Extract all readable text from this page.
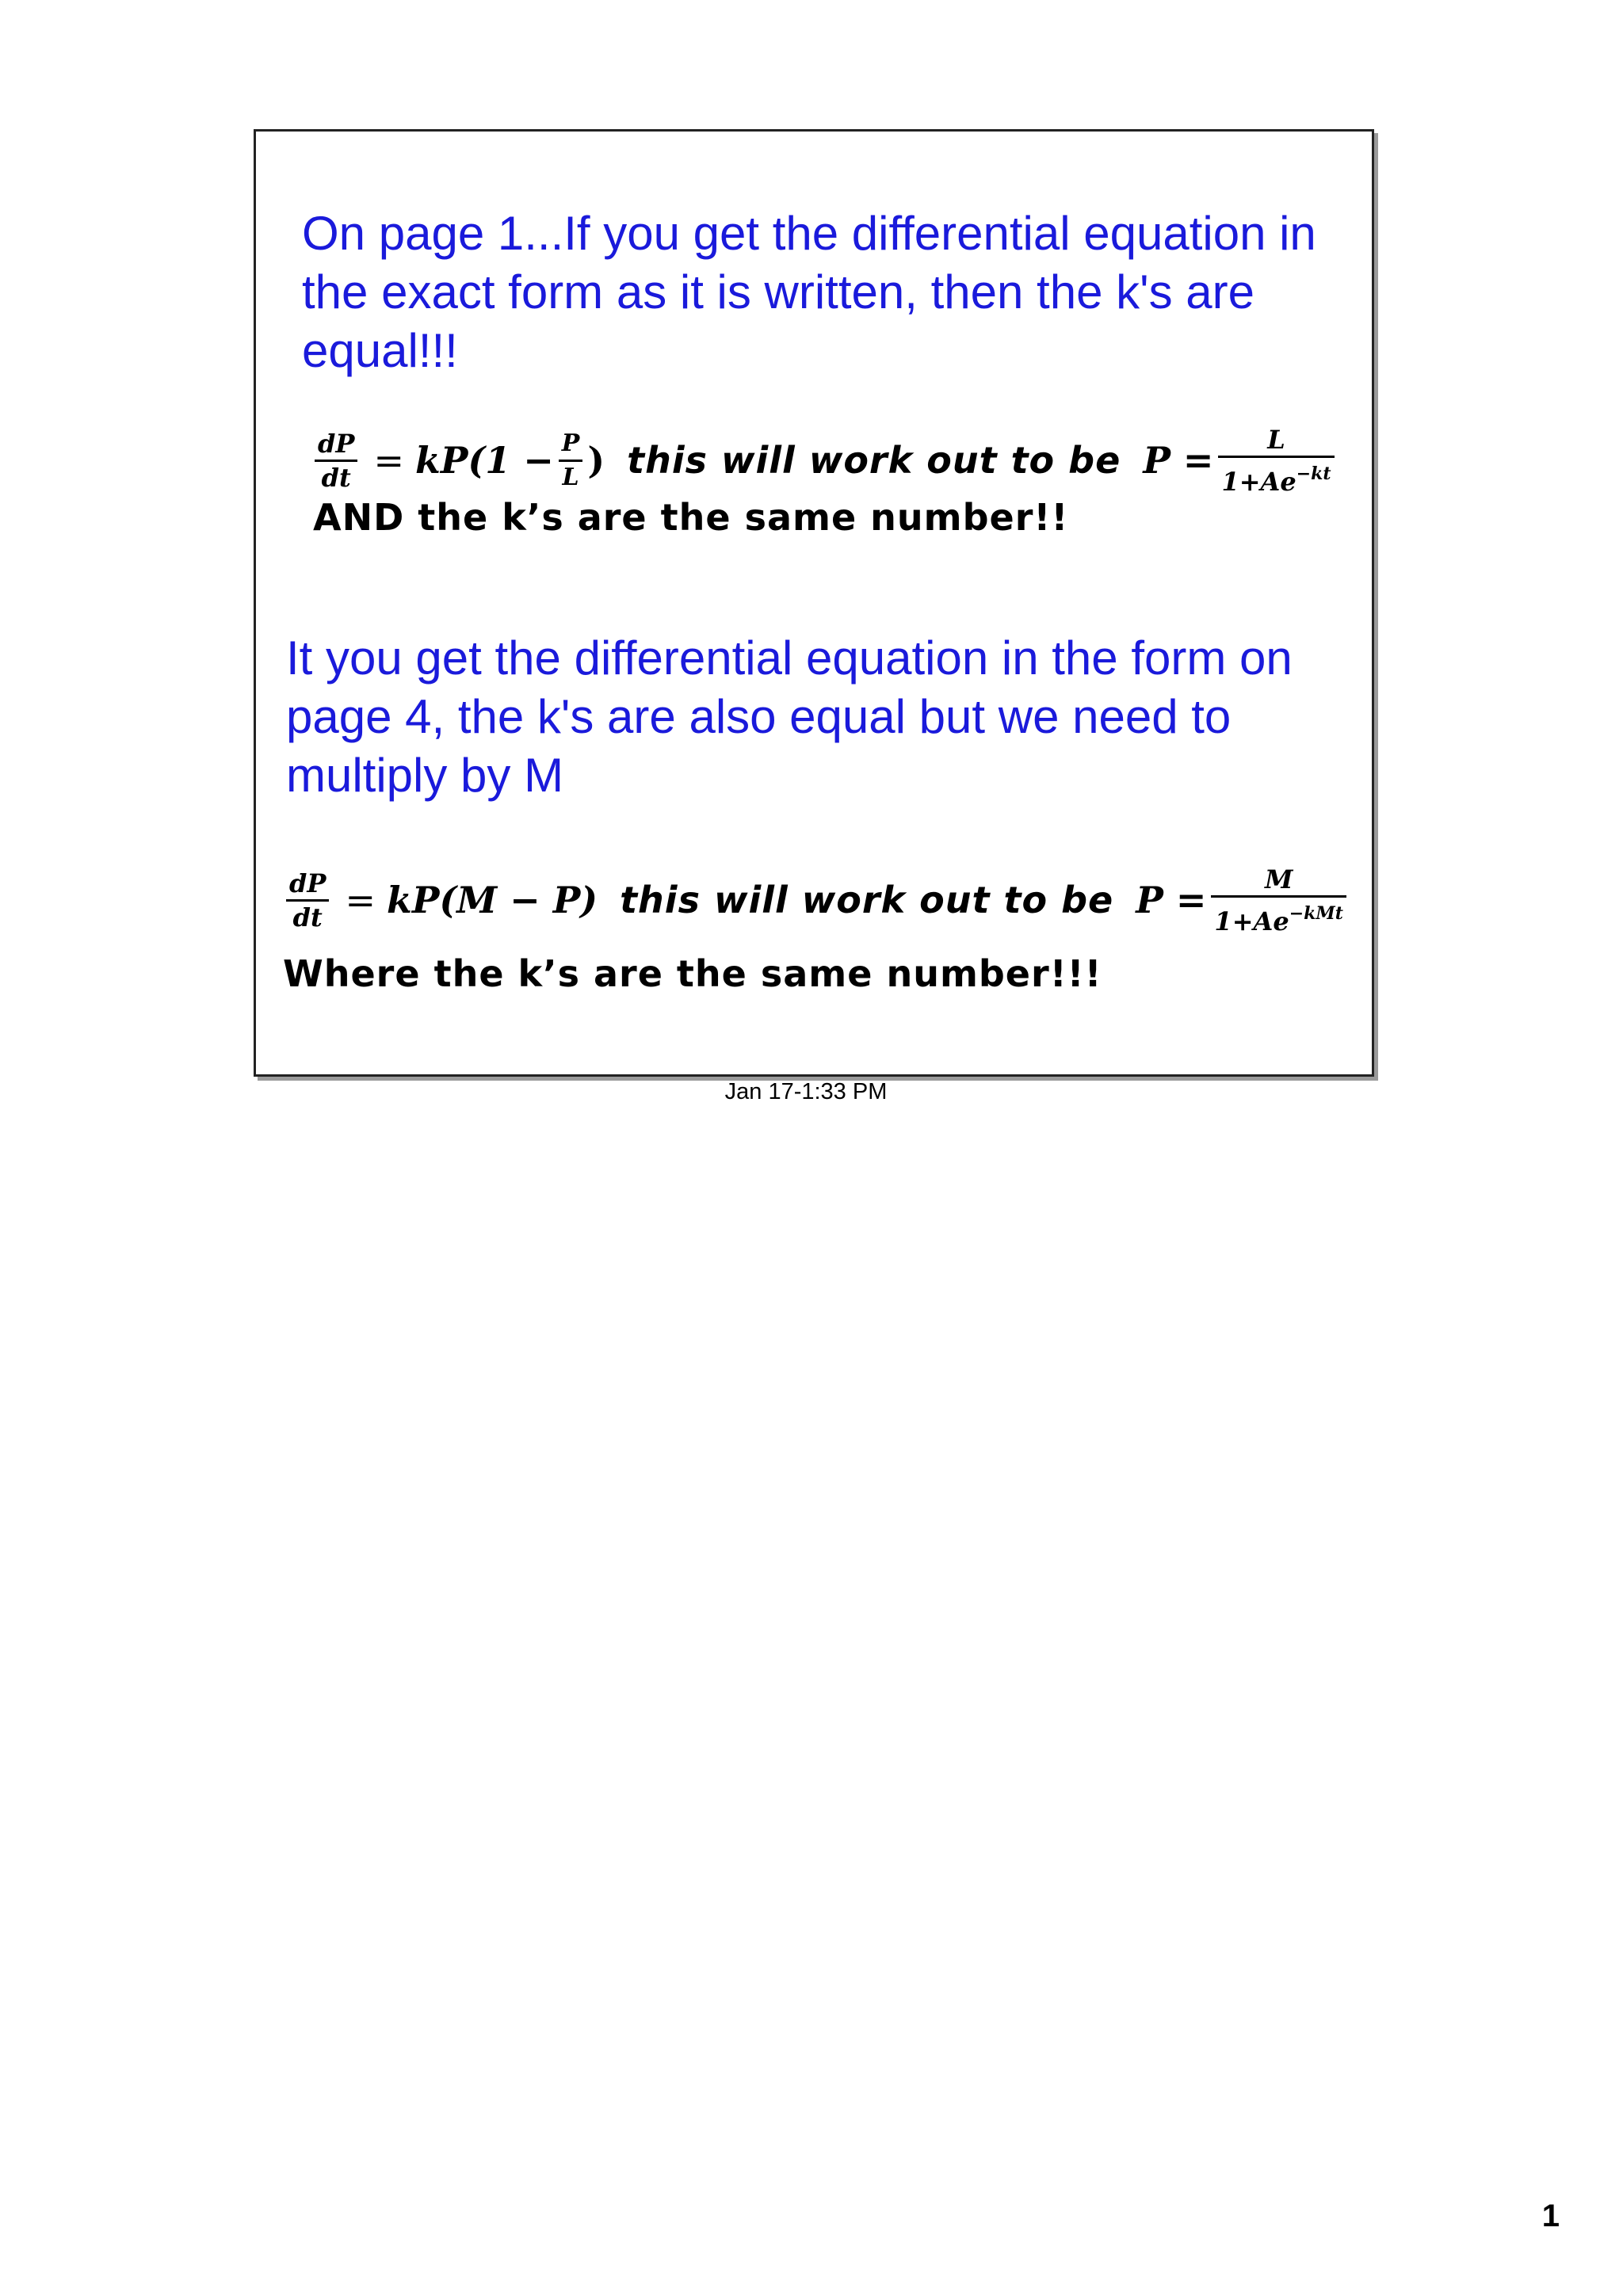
On page 1...If you get the differential equation in the exact form as it is written, then the k's are equal!!!

$\frac{dP}{dt} = kP(1 - \frac{P}{L}$ ) this will work out to be $P = \frac{L}{1+Ae^{-kt}}$

AND the k’s are the same number!!

It you get the differential equation in the form on page 4, the k's are also equal but we need to multiply by M

$\frac{dP}{dt} = kP(M - P)$ this will work out to be $P = \frac{M}{1+Ae^{-kMt}}$

Where the k’s are the same number!!!

Jan 17-1:33 PM
1
